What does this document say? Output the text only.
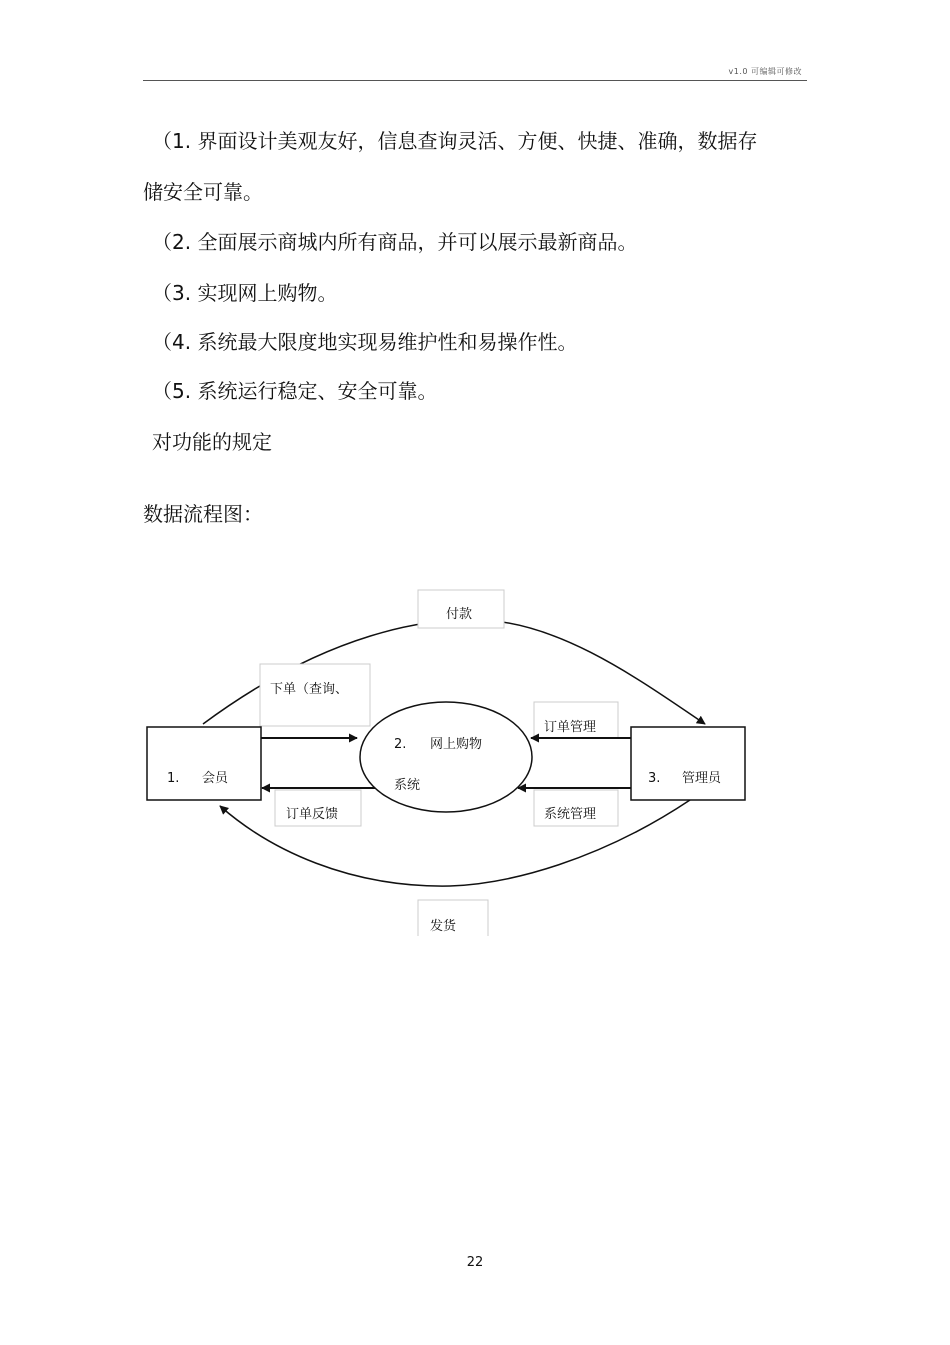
v1.0 可编辑可修改
（1. 界面设计美观友好，信息查询灵活、方便、快捷、准确，数据存
储安全可靠。
（2. 全面展示商城内所有商品，并可以展示最新商品。
（3. 实现网上购物。
（4. 系统最大限度地实现易维护性和易操作性。
（5. 系统运行稳定、安全可靠。
对功能的规定
数据流程图：
1. 会员
2. 网上购物
系统	3. 管理员
付款
下单（查询、
订单反馈
订单管理
系统管理
发货
22
